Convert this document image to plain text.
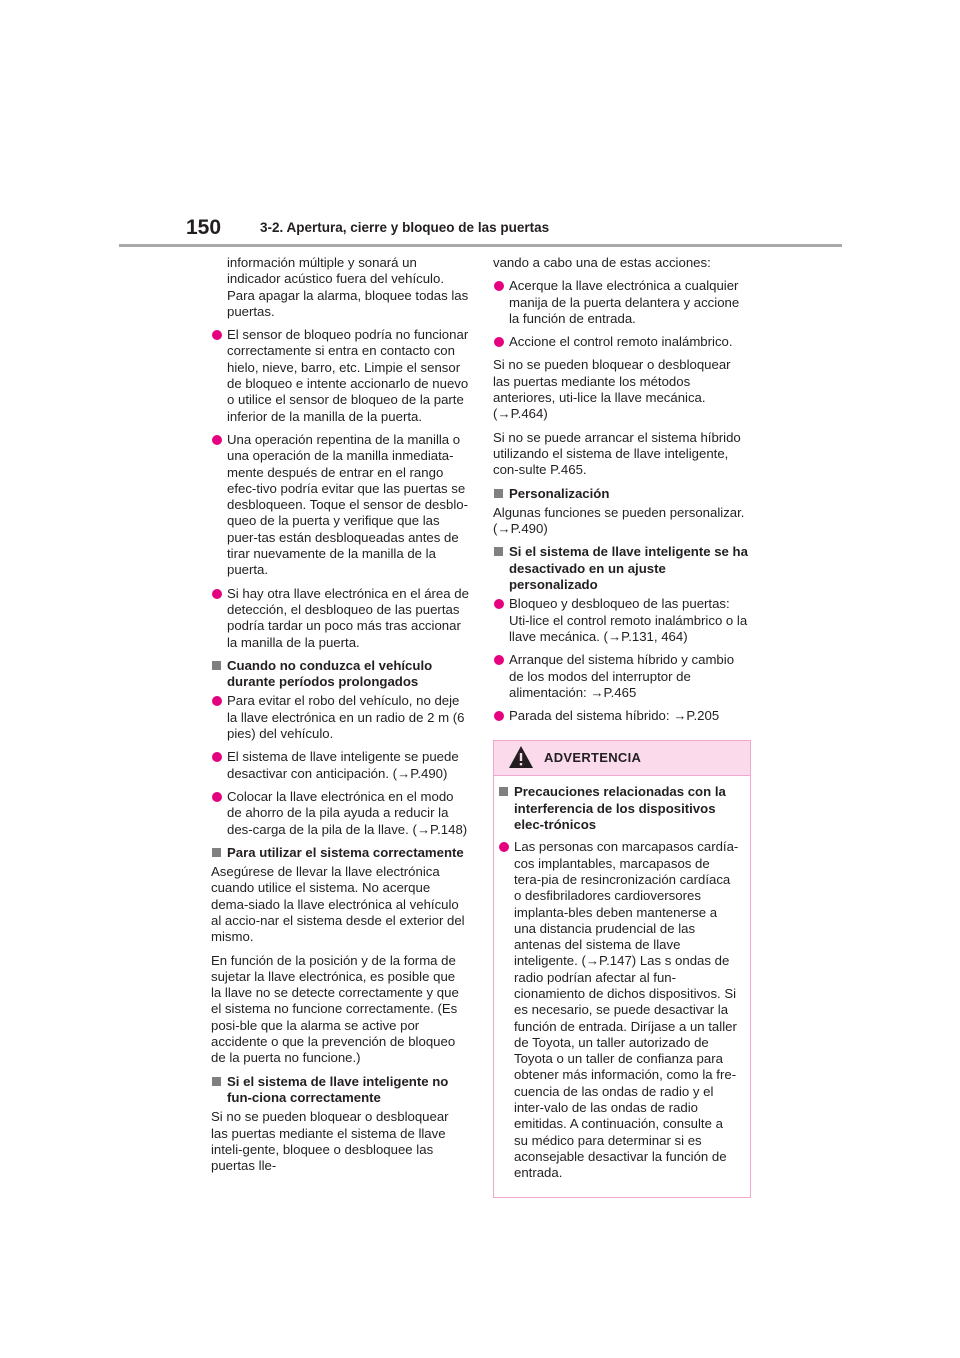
150	3-2. Apertura, cierre y bloqueo de las puertas

información múltiple y sonará un indicador acústico fuera del vehículo. Para apagar la alarma, bloquee todas las puertas.

El sensor de bloqueo podría no funcionar correctamente si entra en contacto con hielo, nieve, barro, etc. Limpie el sensor de bloqueo e intente accionarlo de nuevo o utilice el sensor de bloqueo de la parte inferior de la manilla de la puerta.
Una operación repentina de la manilla o una operación de la manilla inmediata-mente después de entrar en el rango efec-tivo podría evitar que las puertas se desbloqueen. Toque el sensor de desblo-queo de la puerta y verifique que las puer-tas están desbloqueadas antes de tirar nuevamente de la manilla de la puerta.
Si hay otra llave electrónica en el área de detección, el desbloqueo de las puertas podría tardar un poco más tras accionar la manilla de la puerta.
Cuando no conduzca el vehículo durante períodos prolongados
Para evitar el robo del vehículo, no deje la llave electrónica en un radio de 2 m (6 pies) del vehículo.
El sistema de llave inteligente se puede desactivar con anticipación. (→P.490)
Colocar la llave electrónica en el modo de ahorro de la pila ayuda a reducir la des-carga de la pila de la llave. (→P.148)
Para utilizar el sistema correctamente

Asegúrese de llevar la llave electrónica cuando utilice el sistema. No acerque dema-siado la llave electrónica al vehículo al accio-nar el sistema desde el exterior del mismo.

En función de la posición y de la forma de sujetar la llave electrónica, es posible que la llave no se detecte correctamente y que el sistema no funcione correctamente. (Es posi-ble que la alarma se active por accidente o que la prevención de bloqueo de la puerta no funcione.)

Si el sistema de llave inteligente no fun-ciona correctamente

Si no se pueden bloquear o desbloquear las puertas mediante el sistema de llave inteli-gente, bloquee o desbloquee las puertas lle-

vando a cabo una de estas acciones:

Acerque la llave electrónica a cualquier manija de la puerta delantera y accione la función de entrada.
Accione el control remoto inalámbrico.

Si no se pueden bloquear o desbloquear las puertas mediante los métodos anteriores, uti-lice la llave mecánica. (→P.464)

Si no se puede arrancar el sistema híbrido utilizando el sistema de llave inteligente, con-sulte P.465.

Personalización

Algunas funciones se pueden personalizar. (→P.490)

Si el sistema de llave inteligente se ha desactivado en un ajuste personalizado
Bloqueo y desbloqueo de las puertas: Uti-lice el control remoto inalámbrico o la llave mecánica. (→P.131, 464)
Arranque del sistema híbrido y cambio de los modos del interruptor de alimentación: →P.465
Parada del sistema híbrido: →P.205
ADVERTENCIA
Precauciones relacionadas con la interferencia de los dispositivos elec-trónicos
Las personas con marcapasos cardía-cos implantables, marcapasos de tera-pia de resincronización cardíaca o desfibriladores cardioversores implanta-bles deben mantenerse a una distancia prudencial de las antenas del sistema de llave inteligente. (→P.147) Las s ondas de radio podrían afectar al fun-cionamiento de dichos dispositivos. Si es necesario, se puede desactivar la función de entrada. Diríjase a un taller de Toyota, un taller autorizado de Toyota o un taller de confianza para obtener más información, como la fre-cuencia de las ondas de radio y el inter-valo de las ondas de radio emitidas. A continuación, consulte a su médico para determinar si es aconsejable desactivar la función de entrada.
